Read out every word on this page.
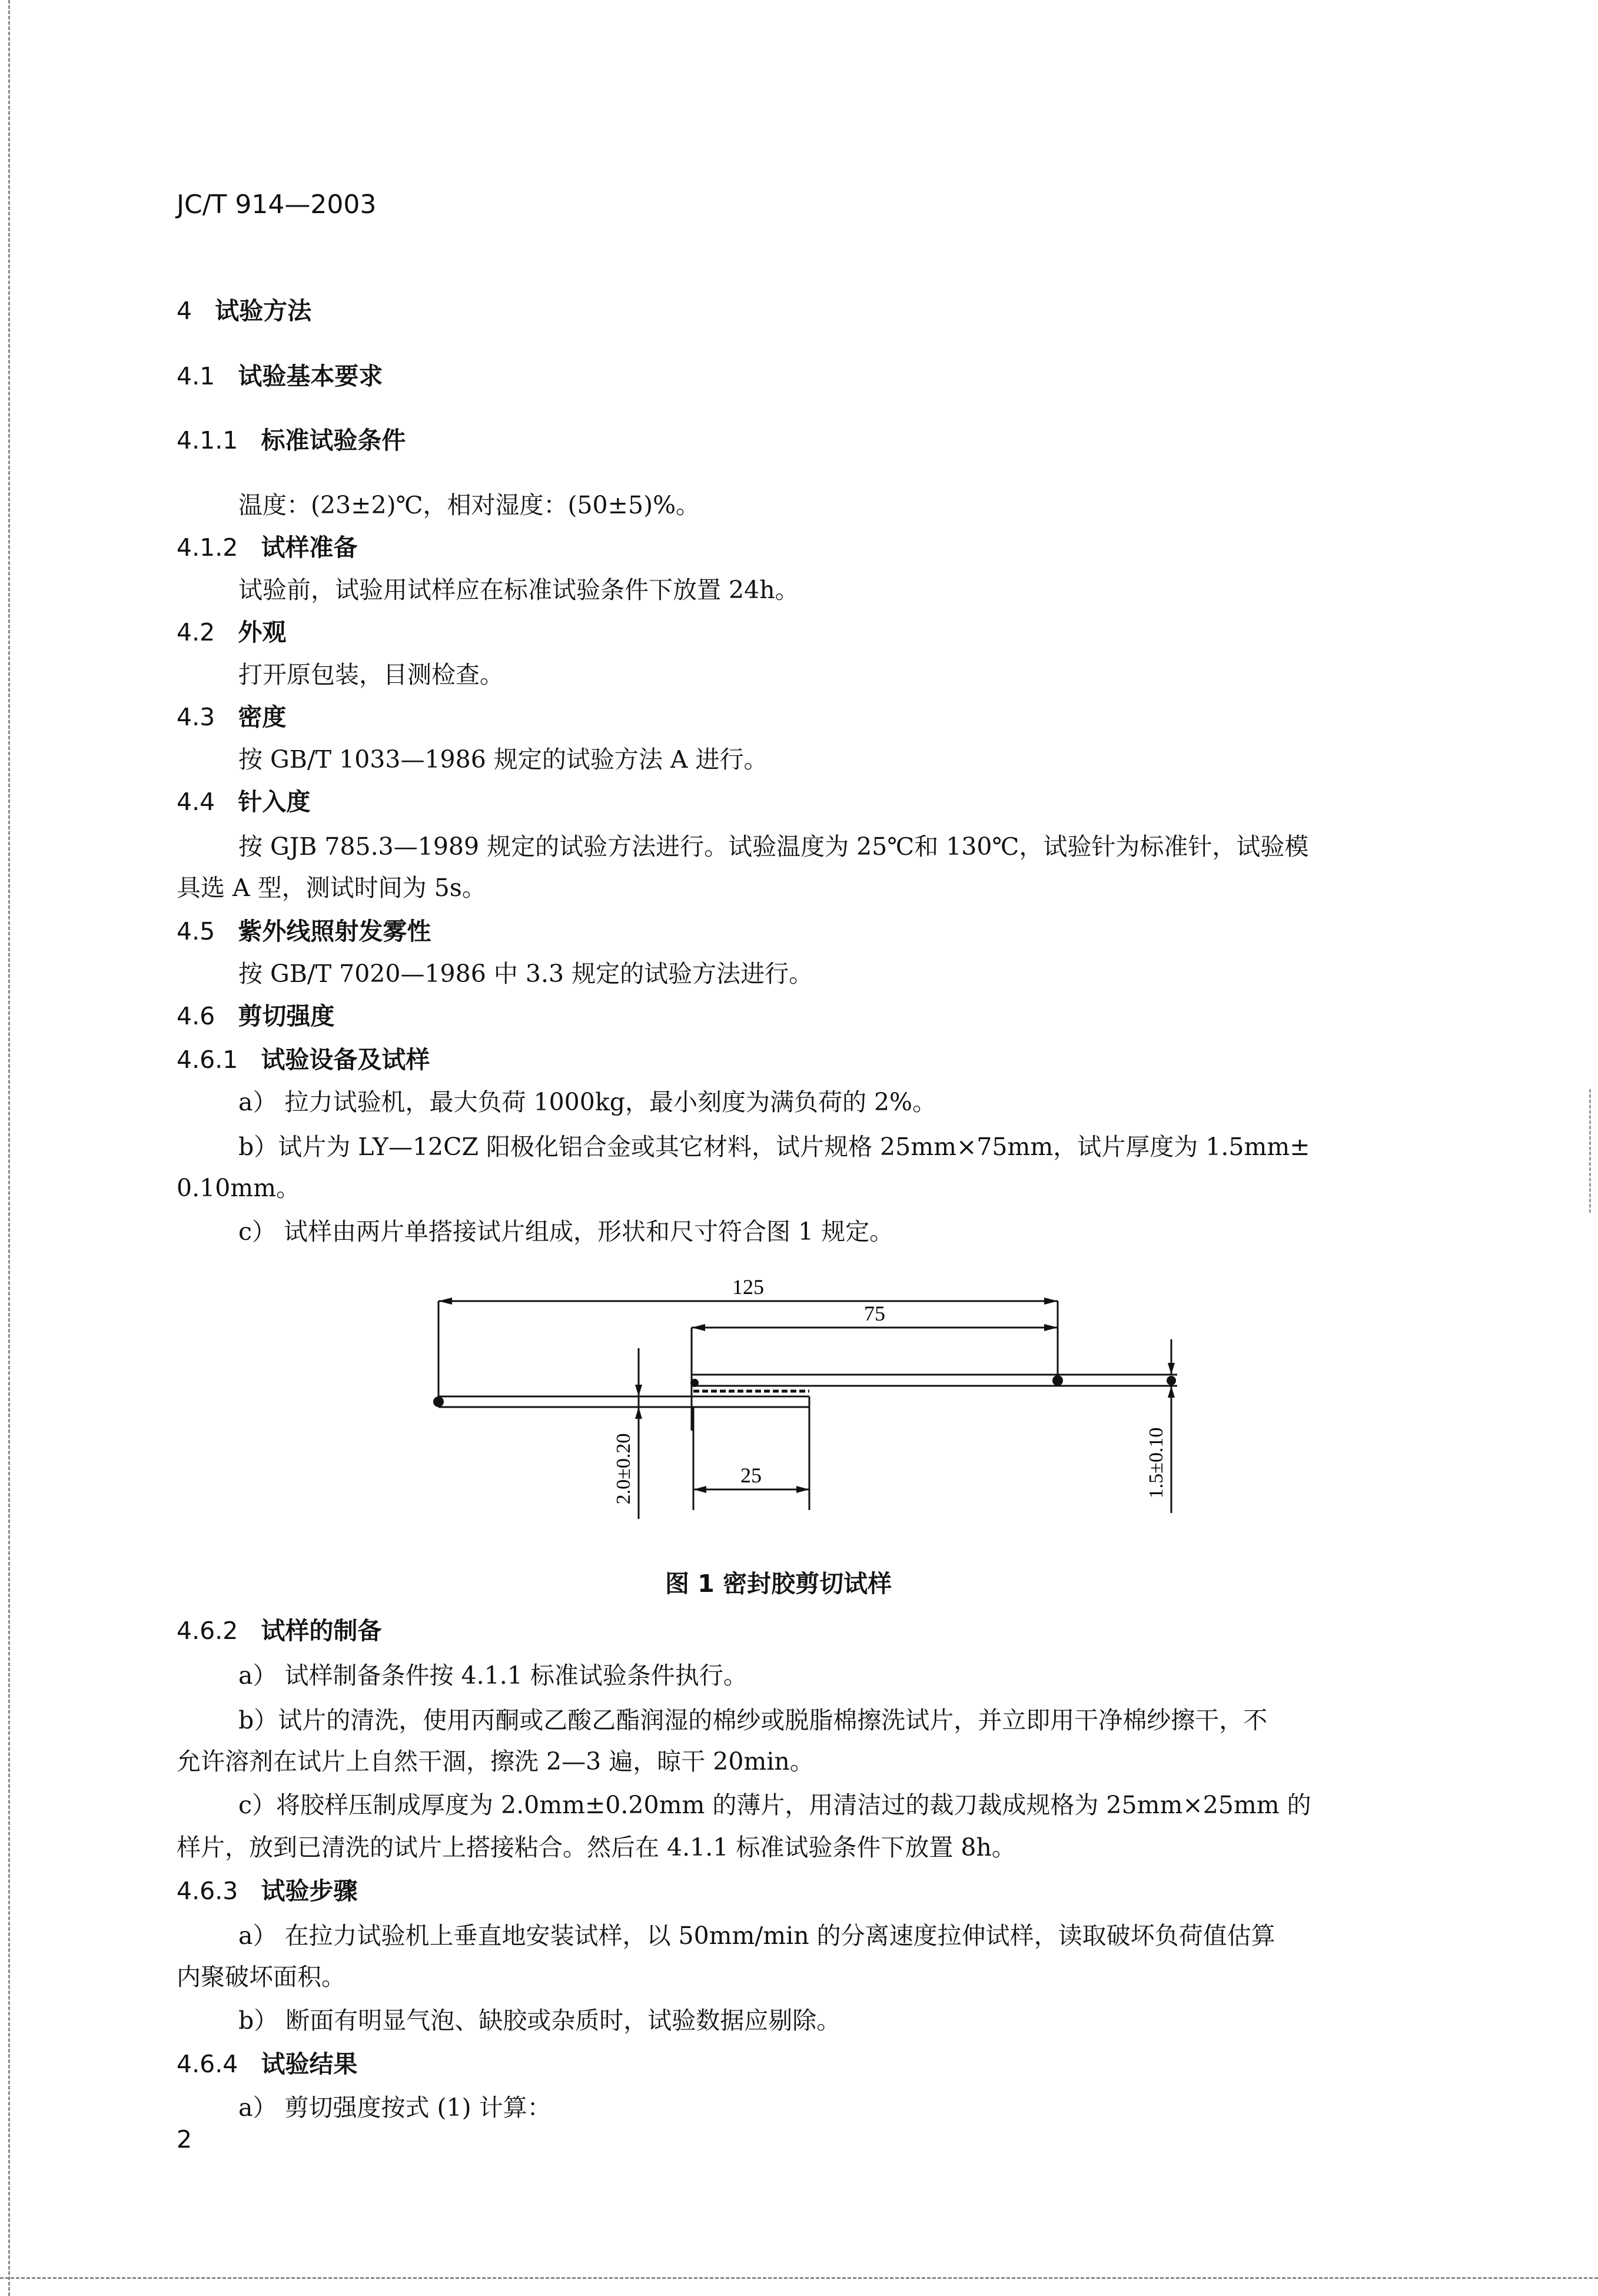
JC/T 914—2003
4 试验方法
4.1 试验基本要求
4.1.1 标准试验条件
温度：(23±2)℃，相对湿度：(50±5)%。
4.1.2 试样准备
试验前，试验用试样应在标准试验条件下放置 24h。
4.2 外观
打开原包装，目测检查。
4.3 密度
按 GB/T 1033—1986 规定的试验方法 A 进行。
4.4 针入度
按 GJB 785.3—1989 规定的试验方法进行。试验温度为 25℃和 130℃，试验针为标准针，试验模
具选 A 型，测试时间为 5s。
4.5 紫外线照射发雾性
按 GB/T 7020—1986 中 3.3 规定的试验方法进行。
4.6 剪切强度
4.6.1 试验设备及试样
a） 拉力试验机，最大负荷 1000kg，最小刻度为满负荷的 2%。
b）试片为 LY—12CZ 阳极化铝合金或其它材料，试片规格 25mm×75mm，试片厚度为 1.5mm±
0.10mm。
c） 试样由两片单搭接试片组成，形状和尺寸符合图 1 规定。
125
75
25
2.0±0.20	1.5±0.10
图 1 密封胶剪切试样
4.6.2 试样的制备
a） 试样制备条件按 4.1.1 标准试验条件执行。
b）试片的清洗，使用丙酮或乙酸乙酯润湿的棉纱或脱脂棉擦洗试片，并立即用干净棉纱擦干，不
允许溶剂在试片上自然干涸，擦洗 2—3 遍，晾干 20min。
c）将胶样压制成厚度为 2.0mm±0.20mm 的薄片，用清洁过的裁刀裁成规格为 25mm×25mm 的
样片，放到已清洗的试片上搭接粘合。然后在 4.1.1 标准试验条件下放置 8h。
4.6.3 试验步骤
a） 在拉力试验机上垂直地安装试样，以 50mm/min 的分离速度拉伸试样，读取破坏负荷值估算
内聚破坏面积。
b） 断面有明显气泡、缺胶或杂质时，试验数据应剔除。
4.6.4 试验结果
a） 剪切强度按式 (1) 计算：
2
